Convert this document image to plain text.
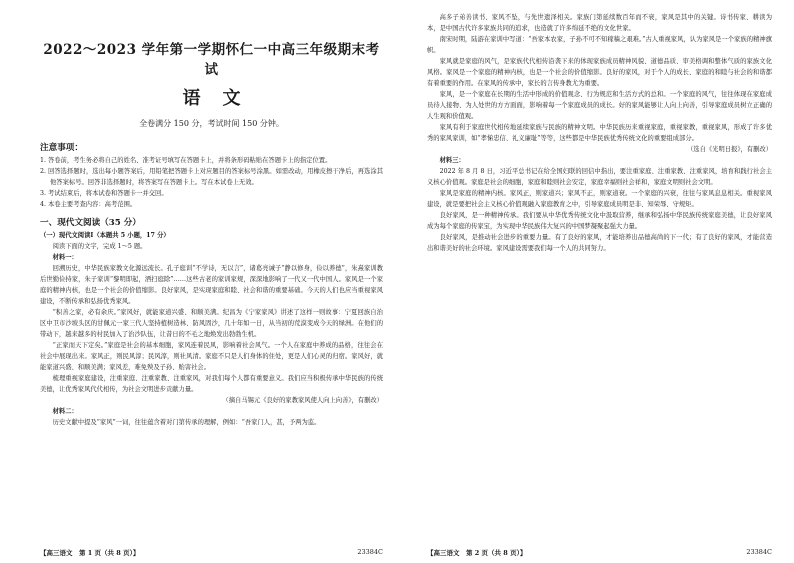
2022～2023 学年第一学期怀仁一中高三年级期末考试
语文
全卷满分 150 分，考试时间 150 分钟。
注意事项：

1. 答卷前，考生务必将自己的姓名、准考证号填写在答题卡上，并将条形码粘贴在答题卡上的指定位置。

2. 回答选择题时，选出每小题答案后，用铅笔把答题卡上对应题目的答案标号涂黑。如需改动，用橡皮擦干净后，再选涂其他答案标号。回答非选择题时，将答案写在答题卡上。写在本试卷上无效。

3. 考试结束后，将本试卷和答题卡一并交回。

4. 本卷主要考查内容：高考范围。

一、现代文阅读（35 分）

（一）现代文阅读Ⅰ（本题共 5 小题，17 分）

阅读下面的文字，完成 1～5 题。

材料一：

回溯历史，中华民族家教文化源远流长。孔子庭训“不学诗，无以言”，诸葛亮诫子“静以修身，俭以养德”，朱熹家训教后世勤俭持家，朱子家训“黎明即起，洒扫庭除”……这些古老的家训家规，深深地影响了一代又一代中国人。家风是一个家庭的精神内核，也是一个社会的价值缩影。良好家风，是实现家庭和睦、社会和谐的重要基础。今天的人们也应当重视家风建设，不断传承和弘扬优秀家风。

“积善之家，必有余庆。”家风好，就能家道兴盛、和顺美满。纪昌为《宁家家风》讲述了这样一则故事：宁夏回族自治区中卫市沙坡头区的甘佩元一家三代人坚持植树造林、防风固沙，几十年如一日，从当初的荒漠变成今天的绿洲。在他们的带动下，越来越多的村民加入了治沙队伍，让昔日的不毛之地焕发出勃勃生机。

“正家而天下定矣。”家庭是社会的基本细胞，家风连着民风，影响着社会风气。一个人在家庭中养成的品格，往往会在社会中展现出来。家风正，则民风淳；民风淳，则社风清。家庭不只是人们身体的住处，更是人们心灵的归宿。家风好，就能家道兴盛、和顺美满；家风差，难免殃及子孙、贻害社会。

梳理重视家庭建设，注重家庭、注重家教、注重家风，对我们每个人都有重要意义。我们应当积极传承中华民族的传统美德，让优秀家风代代相传，为社会文明进步贡献力量。

（摘自马锡元《良好的家教家风使人向上向善》，有删改）

材料二：

历史文献中提及“家风”一词，往往蕴含着对门第传承的理解，例如：“吾家门人，甚，予两为监。

【高三语文　第 1 页（共 8 页）】	23384C

高多子弟善读书、家风不坠，与先世遗泽相关。家族门第延续数百年而不衰，家风是其中的关键。诗书传家、耕读为本，是中国古代许多家族共同的追求，也造就了许多绵延不绝的文化世家。

南宋时期，陆游在家训中写道：“吾家本农家，子孙不可不知稼穑之艰难。”古人重视家风，认为家风是一个家族的精神旗帜。

家风就是家庭的风气，是家族代代相传沿袭下来的体现家族成员精神风貌、道德品质、审美格调和整体气质的家族文化风格。家风是一个家庭的精神内核，也是一个社会的价值缩影。良好的家风，对于个人的成长、家庭的和睦与社会的和谐都有着重要的作用。在家风的传承中，家长的言传身教尤为重要。

家风，是一个家庭在长期的生活中形成的价值观念、行为规范和生活方式的总和。一个家庭的风气，往往体现在家庭成员待人接物、为人处世的方方面面，影响着每一个家庭成员的成长。好的家风能够让人向上向善，引导家庭成员树立正确的人生观和价值观。

家风有利于家庭世代相传地延续家族与民族的精神文明。中华民族历来重视家庭，重视家教，重视家风，形成了许多优秀的家风家训，如“孝悌忠信、礼义廉耻”等等，这些都是中华民族优秀传统文化的重要组成部分。

（选自《光明日报》，有删改）

材料三：

2022 年 8 月 8 日，习近平总书记在给全国妇联的回信中指出，要注重家庭、注重家教、注重家风，培育和践行社会主义核心价值观。家庭是社会的细胞，家庭和睦则社会安定，家庭幸福则社会祥和，家庭文明则社会文明。

家风是家庭的精神内核。家风正，则家道兴；家风不正，则家道衰。一个家庭的兴衰，往往与家风息息相关。重视家风建设，就是要把社会主义核心价值观融入家庭教育之中，引导家庭成员明是非、知荣辱、守规矩。

良好家风，是一种精神传承。我们要从中华优秀传统文化中汲取营养，继承和弘扬中华民族传统家庭美德，让良好家风成为每个家庭的传家宝，为实现中华民族伟大复兴的中国梦凝聚起强大力量。

良好家风，是推动社会进步的重要力量。有了良好的家风，才能培养出品德高尚的下一代；有了良好的家风，才能营造出和谐美好的社会环境。家风建设需要我们每一个人的共同努力。

【高三语文　第 2 页（共 8 页）】	23384C
